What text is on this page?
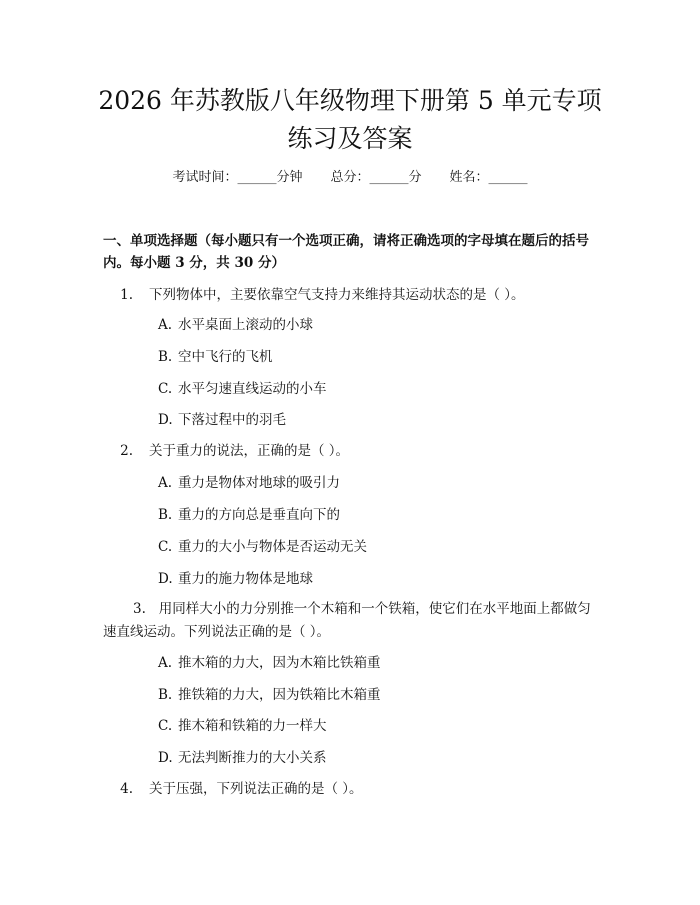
2026 年苏教版八年级物理下册第 5 单元专项
练习及答案
考试时间：______分钟 总分：______分 姓名：______

一、单项选择题（每小题只有一个选项正确，请将正确选项的字母填在题后的括号内。每小题 3 分，共 30 分）

1. 下列物体中，主要依靠空气支持力来维持其运动状态的是（ ）。
A. 水平桌面上滚动的小球
B. 空中飞行的飞机
C. 水平匀速直线运动的小车
D. 下落过程中的羽毛
2. 关于重力的说法，正确的是（ ）。
A. 重力是物体对地球的吸引力
B. 重力的方向总是垂直向下的
C. 重力的大小与物体是否运动无关
D. 重力的施力物体是地球
3. 用同样大小的力分别推一个木箱和一个铁箱，使它们在水平地面上都做匀速直线运动。下列说法正确的是（ ）。
A. 推木箱的力大，因为木箱比铁箱重
B. 推铁箱的力大，因为铁箱比木箱重
C. 推木箱和铁箱的力一样大
D. 无法判断推力的大小关系
4. 关于压强，下列说法正确的是（ ）。
